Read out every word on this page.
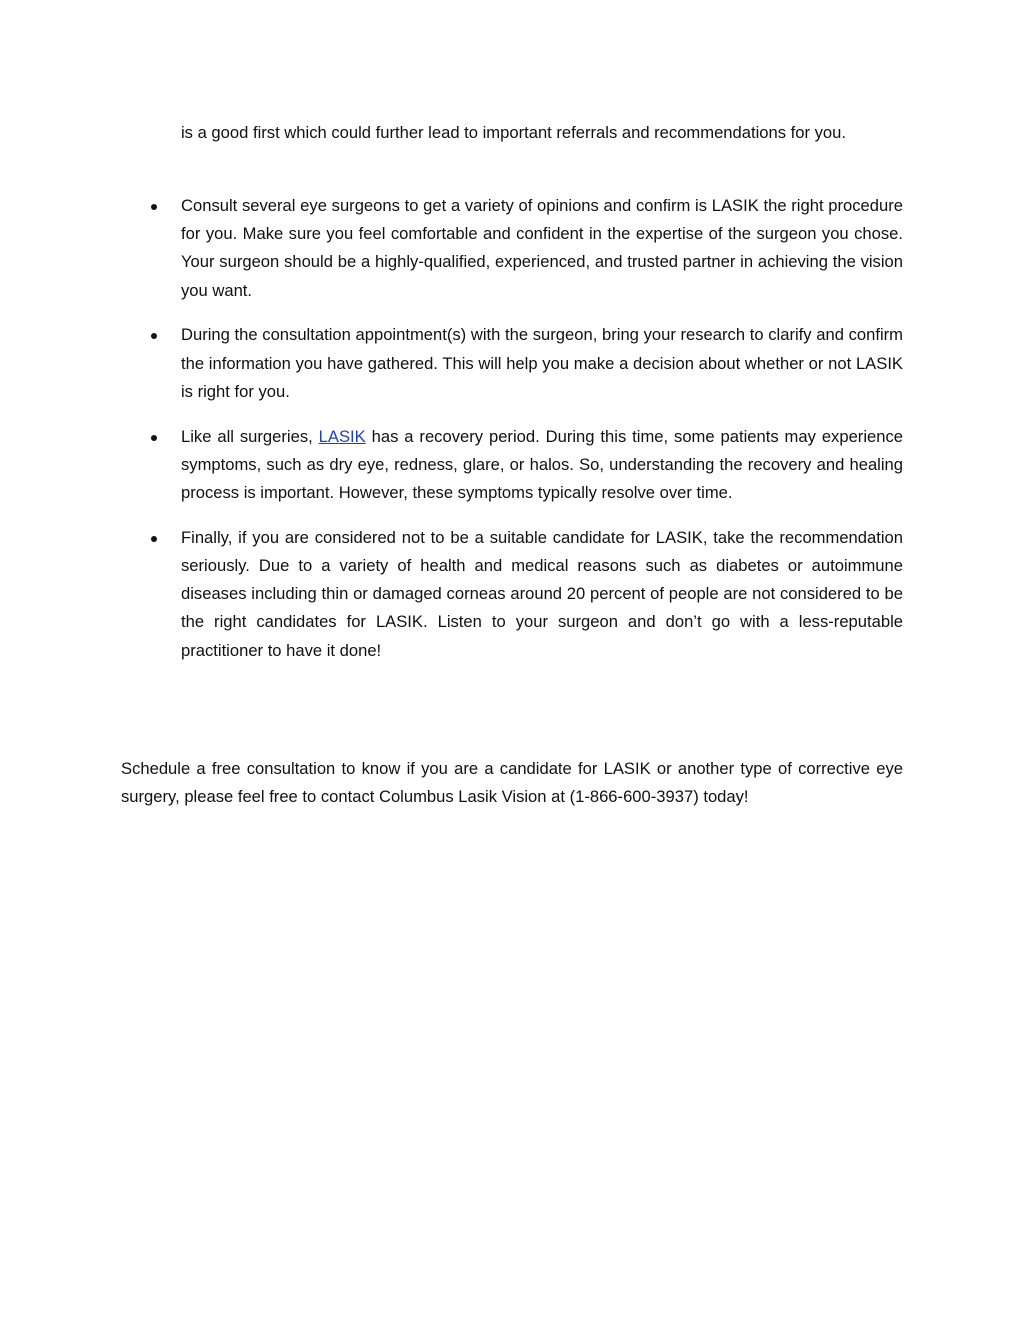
is a good first which could further lead to important referrals and recommendations for you.

Consult several eye surgeons to get a variety of opinions and confirm is LASIK the right procedure for you. Make sure you feel comfortable and confident in the expertise of the surgeon you chose. Your surgeon should be a highly-qualified, experienced, and trusted partner in achieving the vision you want.
During the consultation appointment(s) with the surgeon, bring your research to clarify and confirm the information you have gathered. This will help you make a decision about whether or not LASIK is right for you.
Like all surgeries, LASIK has a recovery period. During this time, some patients may experience symptoms, such as dry eye, redness, glare, or halos. So, understanding the recovery and healing process is important. However, these symptoms typically resolve over time.
Finally, if you are considered not to be a suitable candidate for LASIK, take the recommendation seriously. Due to a variety of health and medical reasons such as diabetes or autoimmune diseases including thin or damaged corneas around 20 percent of people are not considered to be the right candidates for LASIK. Listen to your surgeon and don’t go with a less-reputable practitioner to have it done!

Schedule a free consultation to know if you are a candidate for LASIK or another type of corrective eye surgery, please feel free to contact Columbus Lasik Vision at (1-866-600-3937) today!
